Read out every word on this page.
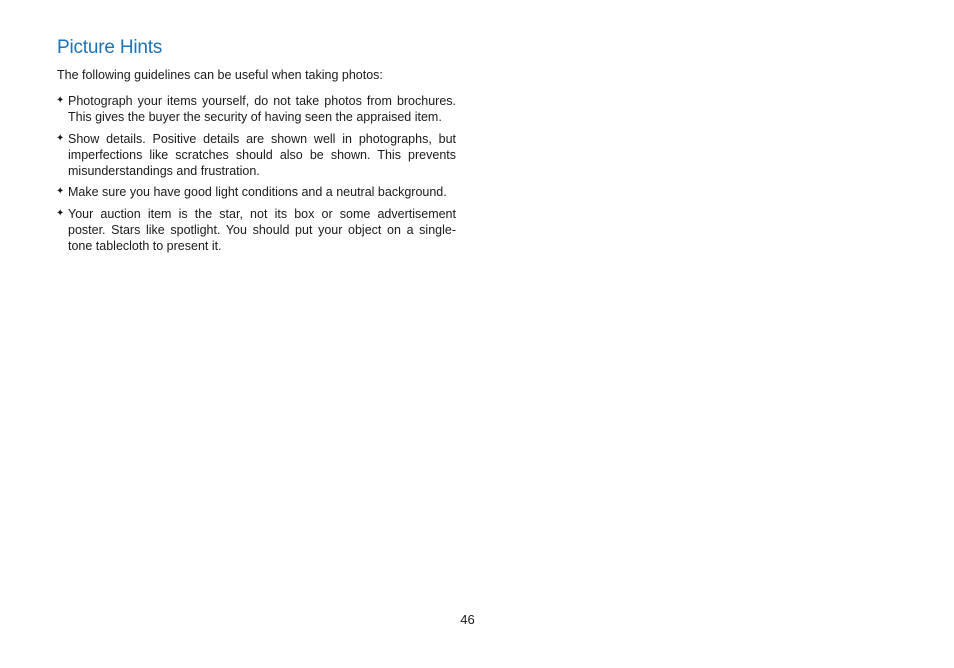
Picture Hints

The following guidelines can be useful when taking photos:

✦ Photograph your items yourself, do not take photos from brochures. This gives the buyer the security of having seen the appraised item.
✦ Show details. Positive details are shown well in photographs, but imperfections like scratches should also be shown. This prevents misunderstandings and frustration.
✦ Make sure you have good light conditions and a neutral background.
✦ Your auction item is the star, not its box or some advertisement poster. Stars like spotlight. You should put your object on a single-tone tablecloth to present it.
46
